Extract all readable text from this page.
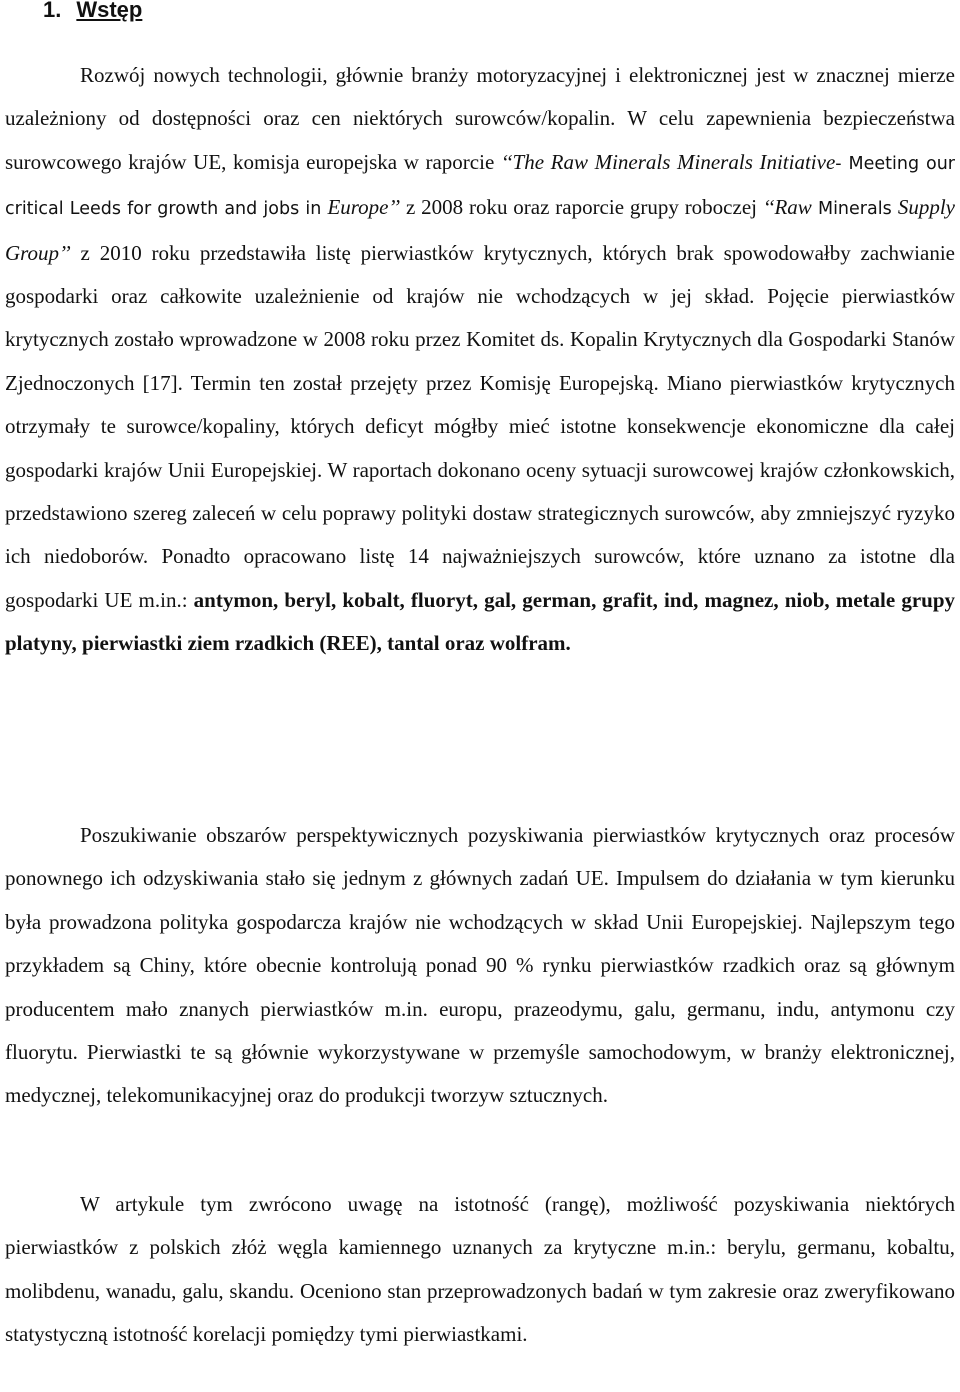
1. Wstęp

Rozwój nowych technologii, głównie branży motoryzacyjnej i elektronicznej jest w znacznej mierze uzależniony od dostępności oraz cen niektórych surowców/kopalin. W celu zapewnienia bezpieczeństwa surowcowego krajów UE, komisja europejska w raporcie ‘‘The Raw Minerals Minerals Initiative- Meeting our critical Leeds for growth and jobs in Europe’’ z 2008 roku oraz raporcie grupy roboczej ‘‘Raw Minerals Supply Group’’ z 2010 roku przedstawiła listę pierwiastków krytycznych, których brak spowodowałby zachwianie gospodarki oraz całkowite uzależnienie od krajów nie wchodzących w jej skład. Pojęcie pierwiastków krytycznych zostało wprowadzone w 2008 roku przez Komitet ds. Kopalin Krytycznych dla Gospodarki Stanów Zjednoczonych [17]. Termin ten został przejęty przez Komisję Europejską. Miano pierwiastków krytycznych otrzymały te surowce/kopaliny, których deficyt mógłby mieć istotne konsekwencje ekonomiczne dla całej gospodarki krajów Unii Europejskiej. W raportach dokonano oceny sytuacji surowcowej krajów członkowskich, przedstawiono szereg zaleceń w celu poprawy polityki dostaw strategicznych surowców, aby zmniejszyć ryzyko ich niedoborów. Ponadto opracowano listę 14 najważniejszych surowców, które uznano za istotne dla gospodarki UE m.in.: antymon, beryl, kobalt, fluoryt, gal, german, grafit, ind, magnez, niob, metale grupy platyny, pierwiastki ziem rzadkich (REE), tantal oraz wolfram.

Poszukiwanie obszarów perspektywicznych pozyskiwania pierwiastków krytycznych oraz procesów ponownego ich odzyskiwania stało się jednym z głównych zadań UE. Impulsem do działania w tym kierunku była prowadzona polityka gospodarcza krajów nie wchodzących w skład Unii Europejskiej. Najlepszym tego przykładem są Chiny, które obecnie kontrolują ponad 90 % rynku pierwiastków rzadkich oraz są głównym producentem mało znanych pierwiastków m.in. europu, prazeodymu, galu, germanu, indu, antymonu czy fluorytu. Pierwiastki te są głównie wykorzystywane w przemyśle samochodowym, w branży elektronicznej, medycznej, telekomunikacyjnej oraz do produkcji tworzyw sztucznych.

W artykule tym zwrócono uwagę na istotność (rangę), możliwość pozyskiwania niektórych pierwiastków z polskich złóż węgla kamiennego uznanych za krytyczne m.in.: berylu, germanu, kobaltu, molibdenu, wanadu, galu, skandu. Oceniono stan przeprowadzonych badań w tym zakresie oraz zweryfikowano statystyczną istotność korelacji pomiędzy tymi pierwiastkami.
